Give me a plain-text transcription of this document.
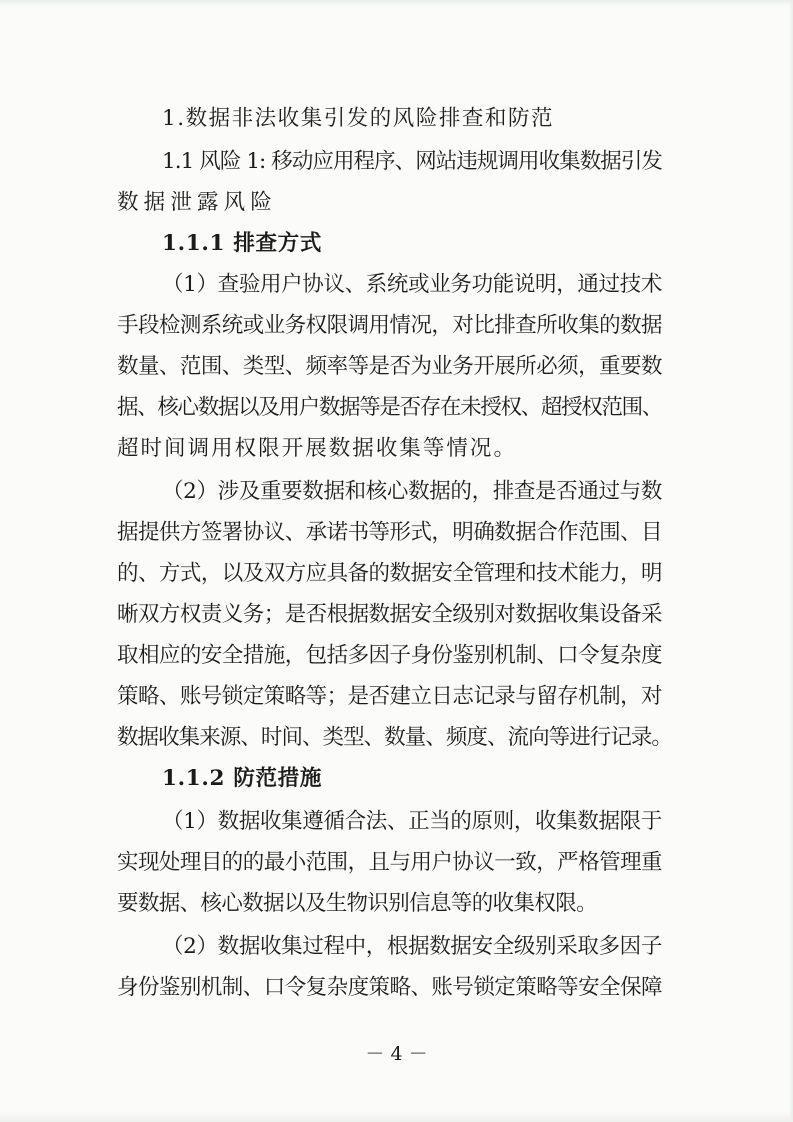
1.数据非法收集引发的风险排查和防范
1.1 风险 1: 移动应用程序、网站违规调用收集数据引发
数据泄露风险
1.1.1 排查方式
（1）查验用户协议、系统或业务功能说明，通过技术
手段检测系统或业务权限调用情况，对比排查所收集的数据
数量、范围、类型、频率等是否为业务开展所必须，重要数
据、核心数据以及用户数据等是否存在未授权、超授权范围、
超时间调用权限开展数据收集等情况。
（2）涉及重要数据和核心数据的，排查是否通过与数
据提供方签署协议、承诺书等形式，明确数据合作范围、目
的、方式，以及双方应具备的数据安全管理和技术能力，明
晰双方权责义务；是否根据数据安全级别对数据收集设备采
取相应的安全措施，包括多因子身份鉴别机制、口令复杂度
策略、账号锁定策略等；是否建立日志记录与留存机制，对
数据收集来源、时间、类型、数量、频度、流向等进行记录。
1.1.2 防范措施
（1）数据收集遵循合法、正当的原则，收集数据限于
实现处理目的的最小范围，且与用户协议一致，严格管理重
要数据、核心数据以及生物识别信息等的收集权限。
（2）数据收集过程中，根据数据安全级别采取多因子
身份鉴别机制、口令复杂度策略、账号锁定策略等安全保障
－ 4 －
